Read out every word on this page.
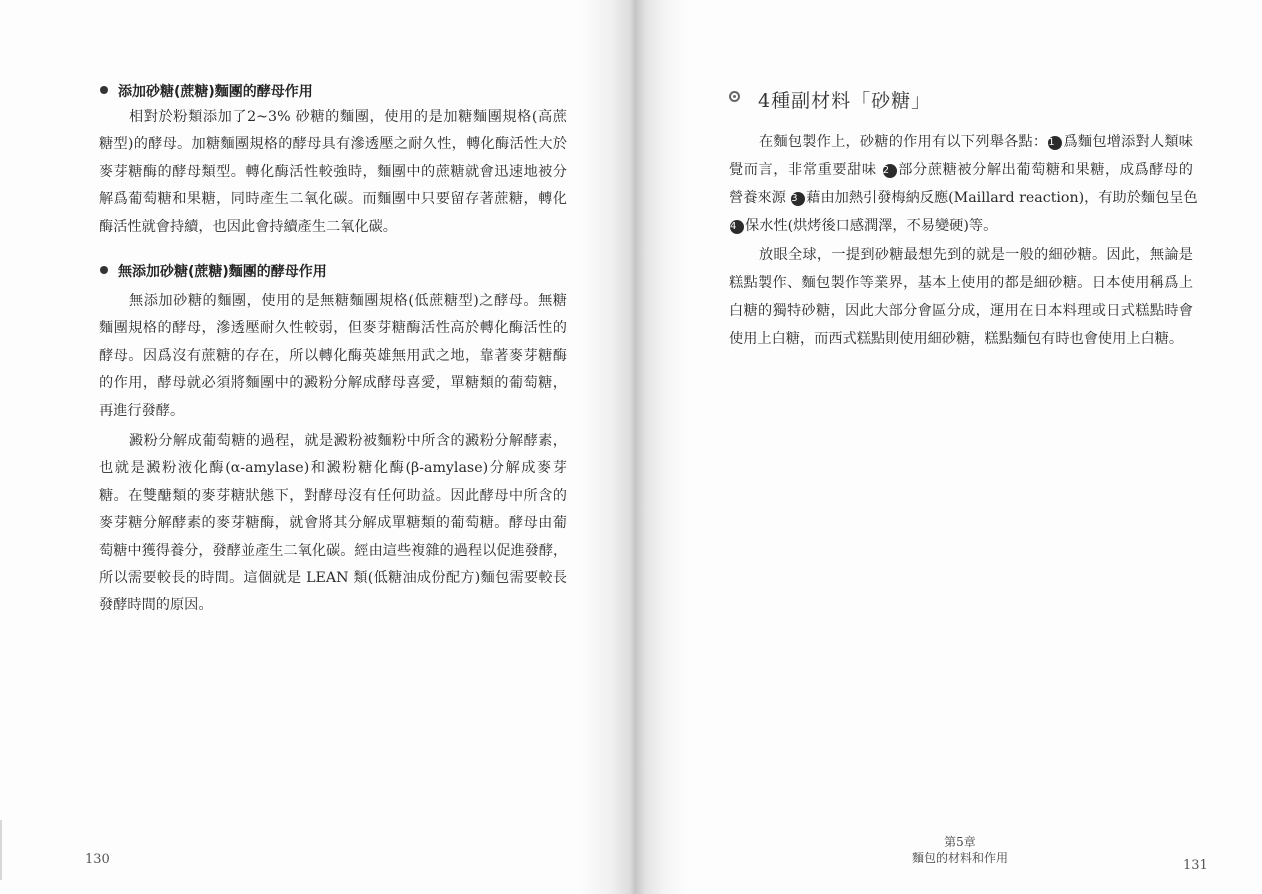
添加砂糖(蔗糖)麵團的酵母作用
相對於粉類添加了2~3% 砂糖的麵團，使用的是加糖麵團規格(高蔗
糖型)的酵母。加糖麵團規格的酵母具有滲透壓之耐久性，轉化酶活性大於
麥芽糖酶的酵母類型。轉化酶活性較強時，麵團中的蔗糖就會迅速地被分
解爲葡萄糖和果糖，同時產生二氧化碳。而麵團中只要留存著蔗糖，轉化
酶活性就會持續，也因此會持續產生二氧化碳。
無添加砂糖(蔗糖)麵團的酵母作用
無添加砂糖的麵團，使用的是無糖麵團規格(低蔗糖型)之酵母。無糖
麵團規格的酵母，滲透壓耐久性較弱，但麥芽糖酶活性高於轉化酶活性的
酵母。因爲沒有蔗糖的存在，所以轉化酶英雄無用武之地，靠著麥芽糖酶
的作用，酵母就必須將麵團中的澱粉分解成酵母喜愛，單糖類的葡萄糖，
再進行發酵。
澱粉分解成葡萄糖的過程，就是澱粉被麵粉中所含的澱粉分解酵素，
也就是澱粉液化酶(α-amylase)和澱粉糖化酶(β-amylase)分解成麥芽
糖。在雙醣類的麥芽糖狀態下，對酵母沒有任何助益。因此酵母中所含的
麥芽糖分解酵素的麥芽糖酶，就會將其分解成單糖類的葡萄糖。酵母由葡
萄糖中獲得養分，發酵並產生二氧化碳。經由這些複雜的過程以促進發酵，
所以需要較長的時間。這個就是 LEAN 類(低糖油成份配方)麵包需要較長
發酵時間的原因。
130
4種副材料「砂糖」
在麵包製作上，砂糖的作用有以下列舉各點：1 爲麵包增添對人類味
覺而言，非常重要甜味 2 部分蔗糖被分解出葡萄糖和果糖，成爲酵母的
營養來源 3 藉由加熱引發梅納反應(Maillard reaction)，有助於麵包呈色
4 保水性(烘烤後口感潤澤，不易變硬)等。
放眼全球，一提到砂糖最想先到的就是一般的細砂糖。因此，無論是
糕點製作、麵包製作等業界，基本上使用的都是細砂糖。日本使用稱爲上
白糖的獨特砂糖，因此大部分會區分成，運用在日本料理或日式糕點時會
使用上白糖，而西式糕點則使用細砂糖，糕點麵包有時也會使用上白糖。
第5章
麵包的材料和作用	131
